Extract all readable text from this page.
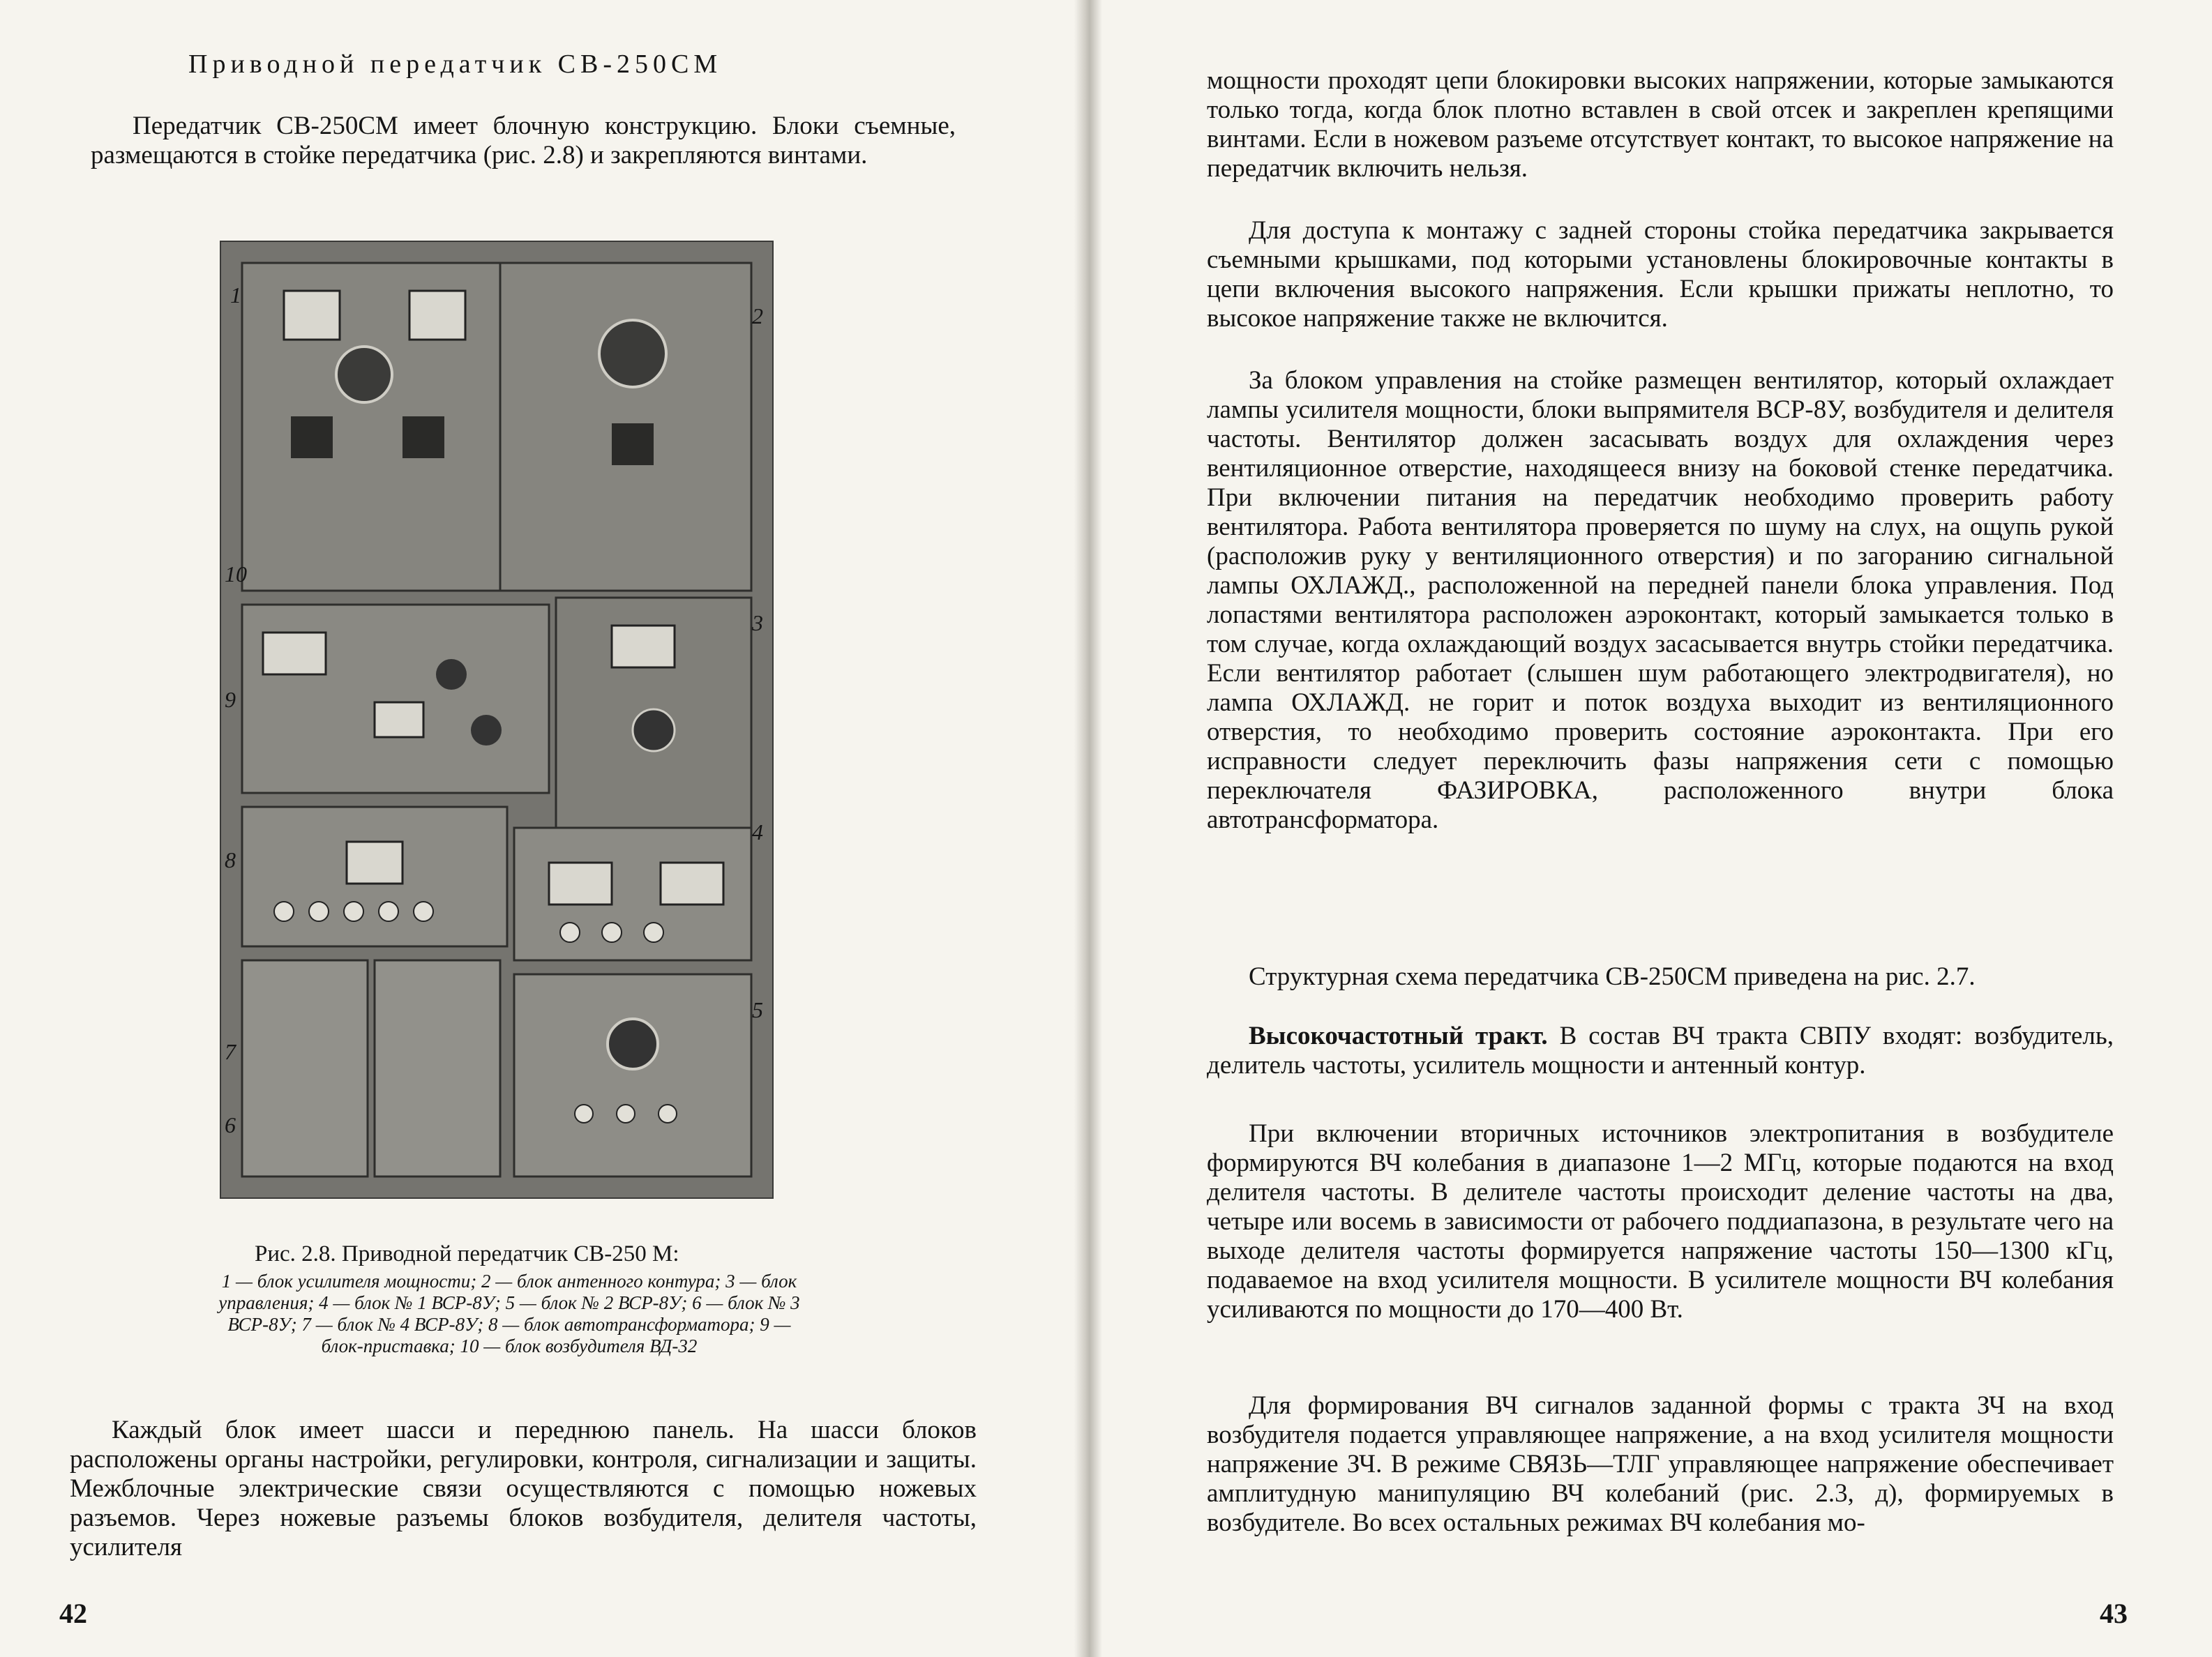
Приводной передатчик СВ-250СМ

Передатчик СВ-250СМ имеет блочную конструкцию. Блоки съемные, размещаются в стойке передатчика (рис. 2.8) и закрепляются винтами.

1
2
3
4
5
6
7
8
9
10
Рис. 2.8. Приводной передатчик СВ-250 М:

1 — блок усилителя мощности; 2 — блок антенного контура; 3 — блок управления; 4 — блок № 1 ВСР-8У; 5 — блок № 2 ВСР-8У; 6 — блок № 3 ВСР-8У; 7 — блок № 4 ВСР-8У; 8 — блок автотрансформатора; 9 — блок-приставка; 10 — блок возбудителя ВД-32

Каждый блок имеет шасси и переднюю панель. На шасси блоков расположены органы настройки, регулировки, контроля, сигнализации и защиты. Межблочные электрические связи осуществляются с помощью ножевых разъемов. Через ножевые разъемы блоков возбудителя, делителя частоты, усилителя

42

мощности проходят цепи блокировки высоких напряжении, которые замыкаются только тогда, когда блок плотно вставлен в свой отсек и закреплен крепящими винтами. Если в ножевом разъеме отсутствует контакт, то высокое напряжение на передатчик включить нельзя.

Для доступа к монтажу с задней стороны стойка передатчика закрывается съемными крышками, под которыми установлены блокировочные контакты в цепи включения высокого напряжения. Если крышки прижаты неплотно, то высокое напряжение также не включится.

За блоком управления на стойке размещен вентилятор, который охлаждает лампы усилителя мощности, блоки выпрямителя ВСР-8У, возбудителя и делителя частоты. Вентилятор должен засасывать воздух для охлаждения через вентиляционное отверстие, находящееся внизу на боковой стенке передатчика. При включении питания на передатчик необходимо проверить работу вентилятора. Работа вентилятора проверяется по шуму на слух, на ощупь рукой (расположив руку у вентиляционного отверстия) и по загоранию сигнальной лампы ОХЛАЖД., расположенной на передней панели блока управления. Под лопастями вентилятора расположен аэроконтакт, который замыкается только в том случае, когда охлаждающий воздух засасывается внутрь стойки передатчика. Если вентилятор работает (слышен шум работающего электродвигателя), но лампа ОХЛАЖД. не горит и поток воздуха выходит из вентиляционного отверстия, то необходимо проверить состояние аэроконтакта. При его исправности следует переключить фазы напряжения сети с помощью переключателя ФАЗИРОВКА, расположенного внутри блока автотрансформатора.

Структурная схема передатчика СВ-250СМ приведена на рис. 2.7.

Высокочастотный тракт. В состав ВЧ тракта СВПУ входят: возбудитель, делитель частоты, усилитель мощности и антенный контур.

При включении вторичных источников электропитания в возбудителе формируются ВЧ колебания в диапазоне 1—2 МГц, которые подаются на вход делителя частоты. В делителе частоты происходит деление частоты на два, четыре или восемь в зависимости от рабочего поддиапазона, в результате чего на выходе делителя частоты формируется напряжение частоты 150—1300 кГц, подаваемое на вход усилителя мощности. В усилителе мощности ВЧ колебания усиливаются по мощности до 170—400 Вт.

Для формирования ВЧ сигналов заданной формы с тракта ЗЧ на вход возбудителя подается управляющее напряжение, а на вход усилителя мощности напряжение ЗЧ. В режиме СВЯЗЬ—ТЛГ управляющее напряжение обеспечивает амплитудную манипуляцию ВЧ колебаний (рис. 2.3, д), формируемых в возбудителе. Во всех остальных режимах ВЧ колебания мо-

43
